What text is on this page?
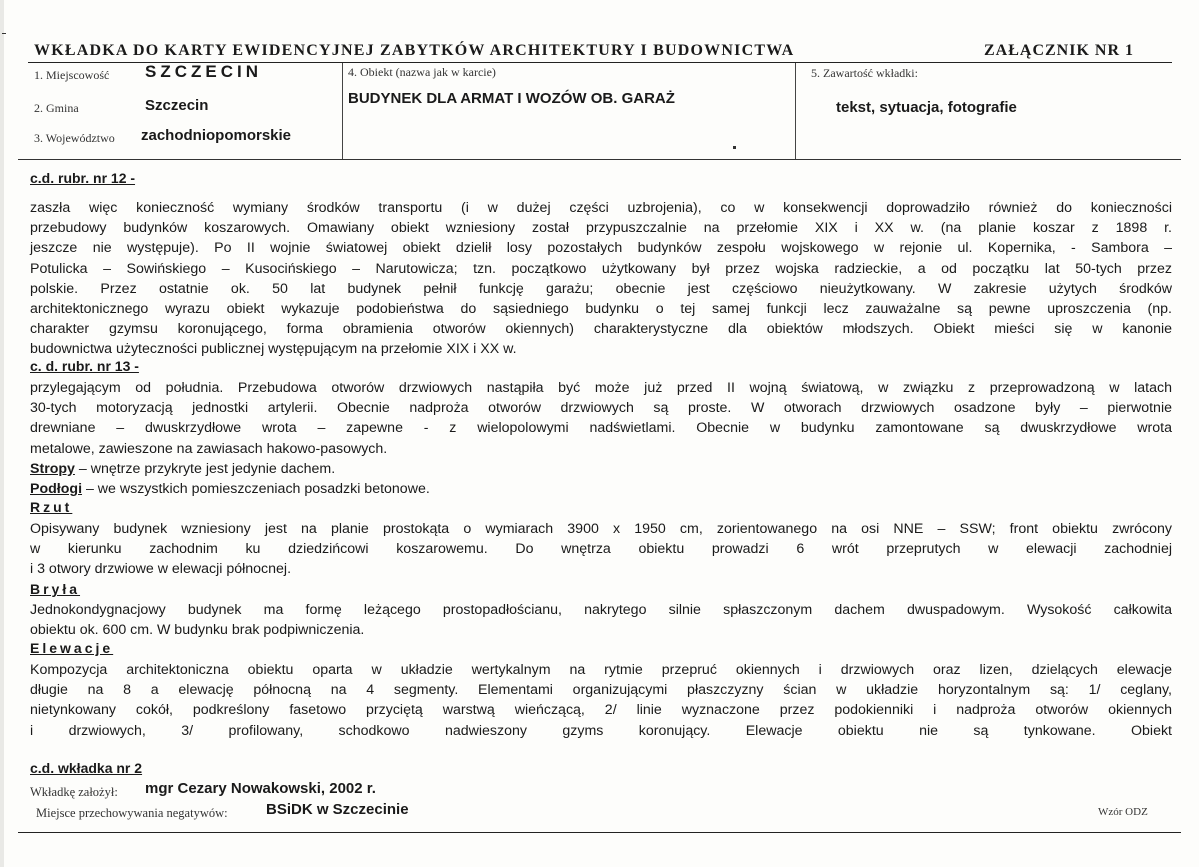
WKŁADKA DO KARTY EWIDENCYJNEJ ZABYTKÓW ARCHITEKTURY I BUDOWNICTWA	ZAŁĄCZNIK NR 1
1. Miejscowość SZCZECIN
2. Gmina	Szczecin
3. Województwo zachodniopomorskie
4. Obiekt (nazwa jak w karcie)
BUDYNEK DLA ARMAT I WOZÓW OB. GARAŻ
5. Zawartość wkładki:
tekst, sytuacja, fotografie
c.d. rubr. nr 12 -
zaszła więc konieczność wymiany środków transportu (i w dużej części uzbrojenia), co w konsekwencji doprowadziło również do konieczności
przebudowy budynków koszarowych. Omawiany obiekt wzniesiony został przypuszczalnie na przełomie XIX i XX w. (na planie koszar z 1898 r.
jeszcze nie występuje). Po II wojnie światowej obiekt dzielił losy pozostałych budynków zespołu wojskowego w rejonie ul. Kopernika, - Sambora –
Potulicka – Sowińskiego – Kusocińskiego – Narutowicza; tzn. początkowo użytkowany był przez wojska radzieckie, a od początku lat 50-tych przez
polskie. Przez ostatnie ok. 50 lat budynek pełnił funkcję garażu; obecnie jest częściowo nieużytkowany. W zakresie użytych środków
architektonicznego wyrazu obiekt wykazuje podobieństwa do sąsiedniego budynku o tej samej funkcji lecz zauważalne są pewne uproszczenia (np.
charakter gzymsu koronującego, forma obramienia otworów okiennych) charakterystyczne dla obiektów młodszych. Obiekt mieści się w kanonie
budownictwa użyteczności publicznej występującym na przełomie XIX i XX w.
c. d. rubr. nr 13 -
przylegającym od południa. Przebudowa otworów drzwiowych nastąpiła być może już przed II wojną światową, w związku z przeprowadzoną w latach
30-tych motoryzacją jednostki artylerii. Obecnie nadproża otworów drzwiowych są proste. W otworach drzwiowych osadzone były – pierwotnie
drewniane – dwuskrzydłowe wrota – zapewne - z wielopolowymi nadświetlami. Obecnie w budynku zamontowane są dwuskrzydłowe wrota
metalowe, zawieszone na zawiasach hakowo-pasowych.
Stropy – wnętrze przykryte jest jedynie dachem.
Podłogi – we wszystkich pomieszczeniach posadzki betonowe.
Rzut
Opisywany budynek wzniesiony jest na planie prostokąta o wymiarach 3900 x 1950 cm, zorientowanego na osi NNE – SSW; front obiektu zwrócony
w kierunku zachodnim ku dziedzińcowi koszarowemu. Do wnętrza obiektu prowadzi 6 wrót przeprutych w elewacji zachodniej
i 3 otwory drzwiowe w elewacji północnej.
Bryła
Jednokondygnacjowy budynek ma formę leżącego prostopadłościanu, nakrytego silnie spłaszczonym dachem dwuspadowym. Wysokość całkowita
obiektu ok. 600 cm. W budynku brak podpiwniczenia.
Elewacje
Kompozycja architektoniczna obiektu oparta w układzie wertykalnym na rytmie przepruć okiennych i drzwiowych oraz lizen, dzielących elewacje
długie na 8 a elewację północną na 4 segmenty. Elementami organizującymi płaszczyzny ścian w układzie horyzontalnym są: 1/ ceglany,
nietynkowany cokół, podkreślony fasetowo przyciętą warstwą wieńczącą, 2/ linie wyznaczone przez podokienniki i nadproża otworów okiennych
i drzwiowych, 3/ profilowany, schodkowo nadwieszony gzyms koronujący. Elewacje obiektu nie są tynkowane. Obiekt
c.d. wkładka nr 2
Wkładkę założył: mgr Cezary Nowakowski, 2002 r.
Miejsce przechowywania negatywów:	BSiDK w Szczecinie	Wzór ODZ
